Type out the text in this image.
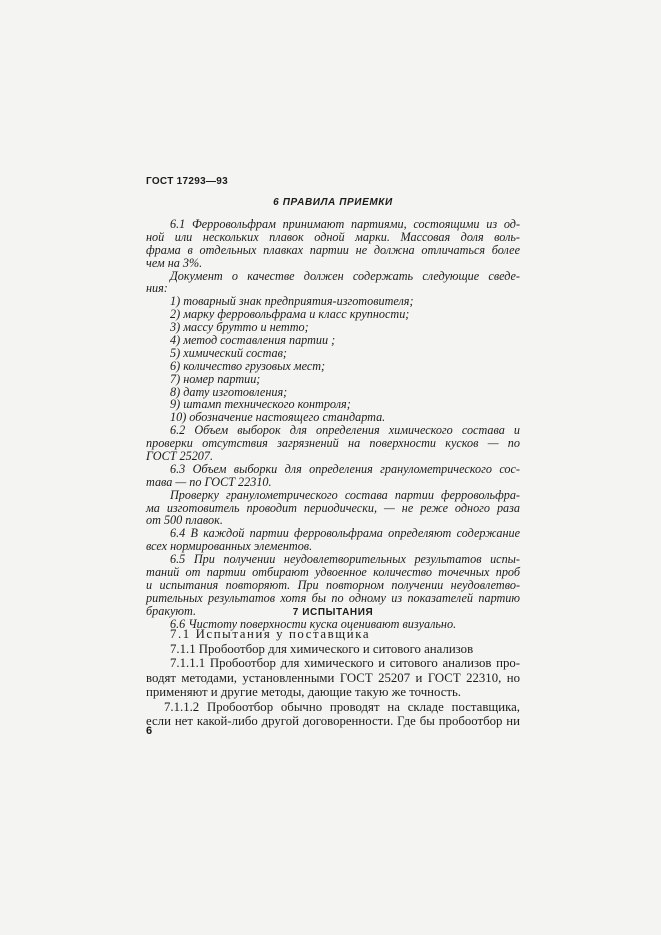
ГОСТ 17293—93
6 ПРАВИЛА ПРИЕМКИ
6.1 Ферровольфрам принимают партиями, состоящими из од-
ной или нескольких плавок одной марки. Массовая доля воль-
фрама в отдельных плавках партии не должна отличаться более
чем на 3%.
Документ о качестве должен содержать следующие сведе-
ния:
1) товарный знак предприятия-изготовителя;
2) марку ферровольфрама и класс крупности;
3) массу брутто и нетто;
4) метод составления партии ;
5) химический состав;
6) количество грузовых мест;
7) номер партии;
8) дату изготовления;
9) штамп технического контроля;
10) обозначение настоящего стандарта.
6.2 Объем выборок для определения химического состава и
проверки отсутствия загрязнений на поверхности кусков — по
ГОСТ 25207.
6.3 Объем выборки для определения гранулометрического сос-
тава — по ГОСТ 22310.
Проверку гранулометрического состава партии ферровольфра-
ма изготовитель проводит периодически, — не реже одного раза
от 500 плавок.
6.4 В каждой партии ферровольфрама определяют содержание
всех нормированных элементов.
6.5 При получении неудовлетворительных результатов испы-
таний от партии отбирают удвоенное количество точечных проб
и испытания повторяют. При повторном получении неудовлетво-
рительных результатов хотя бы по одному из показателей партию
бракуют.
6.6 Чистоту поверхности куска оценивают визуально.
7 ИСПЫТАНИЯ
7.1 Испытания у поставщика
7.1.1 Пробоотбор для химического и ситового анализов
7.1.1.1 Пробоотбор для химического и ситового анализов про-
водят методами, установленными ГОСТ 25207 и ГОСТ 22310, но
применяют и другие методы, дающие такую же точность.
7.1.1.2 Пробоотбор обычно проводят на складе поставщика,
если нет какой-либо другой договоренности. Где бы пробоотбор ни
6
